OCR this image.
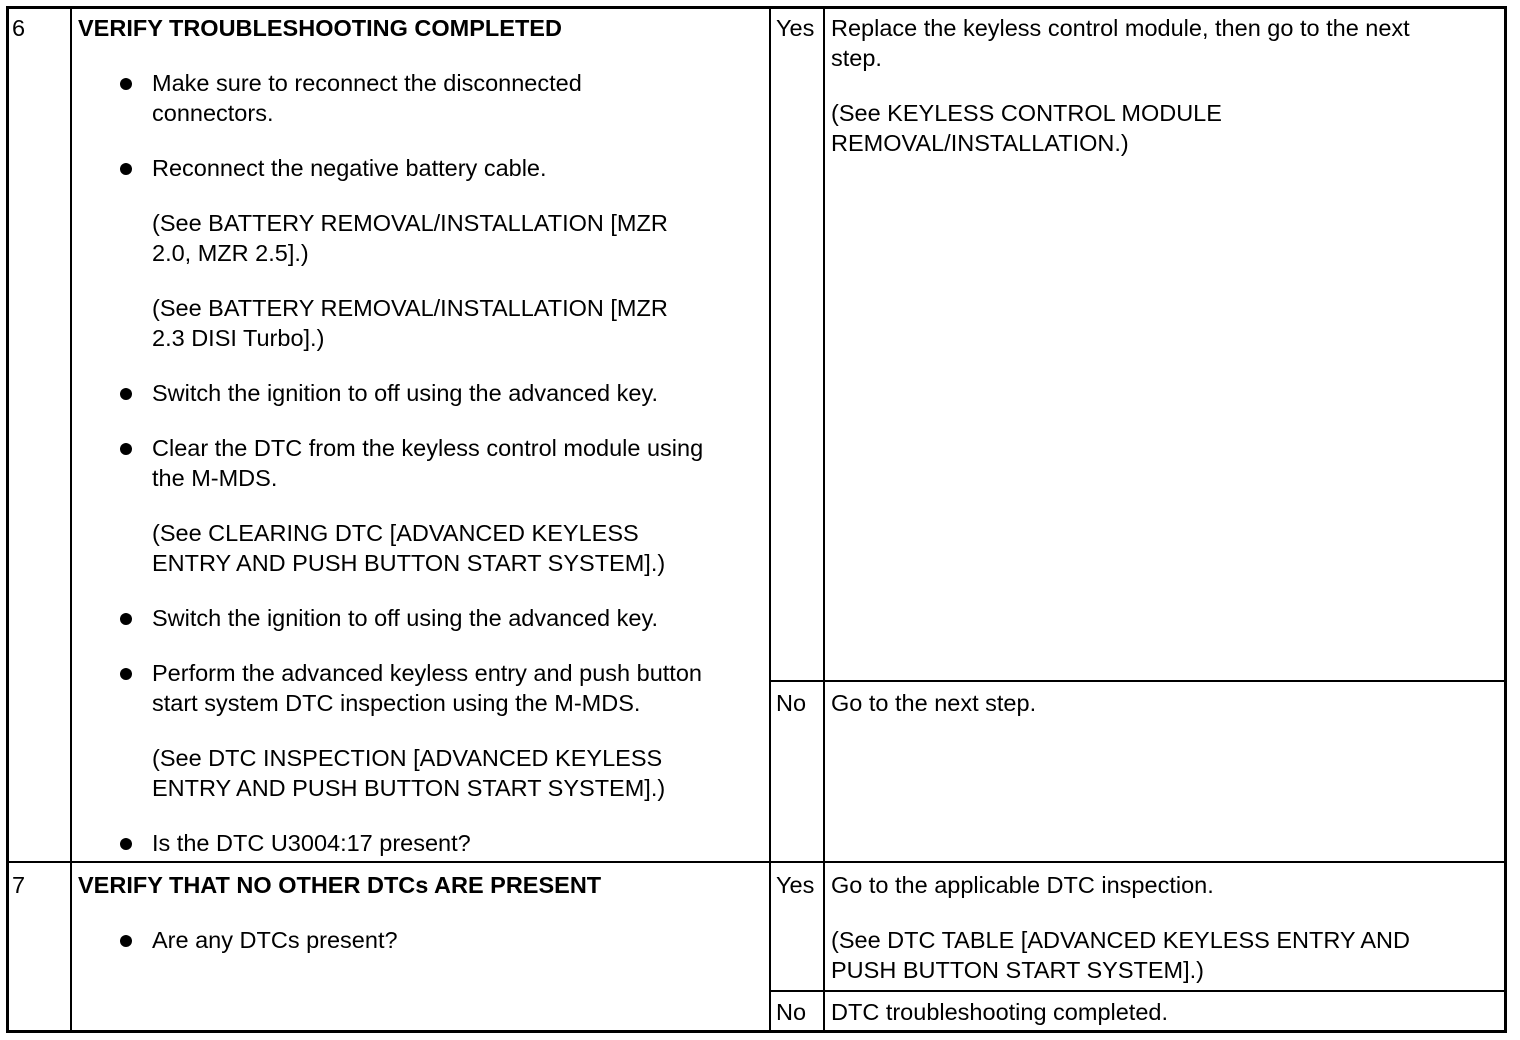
6 VERIFY TROUBLESHOOTING COMPLETED
Make sure to reconnect the disconnected
connectors.
Reconnect the negative battery cable.
(See BATTERY REMOVAL/INSTALLATION [MZR
2.0, MZR 2.5].)
(See BATTERY REMOVAL/INSTALLATION [MZR
2.3 DISI Turbo].)
Switch the ignition to off using the advanced key.
Clear the DTC from the keyless control module using
the M-MDS.
(See CLEARING DTC [ADVANCED KEYLESS
ENTRY AND PUSH BUTTON START SYSTEM].)
Switch the ignition to off using the advanced key.
Perform the advanced keyless entry and push button
start system DTC inspection using the M-MDS.
(See DTC INSPECTION [ADVANCED KEYLESS
ENTRY AND PUSH BUTTON START SYSTEM].)
Is the DTC U3004:17 present?
Yes Replace the keyless control module, then go to the next
step.
(See KEYLESS CONTROL MODULE
REMOVAL/INSTALLATION.)
No Go to the next step.
7 VERIFY THAT NO OTHER DTCs ARE PRESENT
Are any DTCs present?
Yes Go to the applicable DTC inspection.
(See DTC TABLE [ADVANCED KEYLESS ENTRY AND
PUSH BUTTON START SYSTEM].)
No DTC troubleshooting completed.
